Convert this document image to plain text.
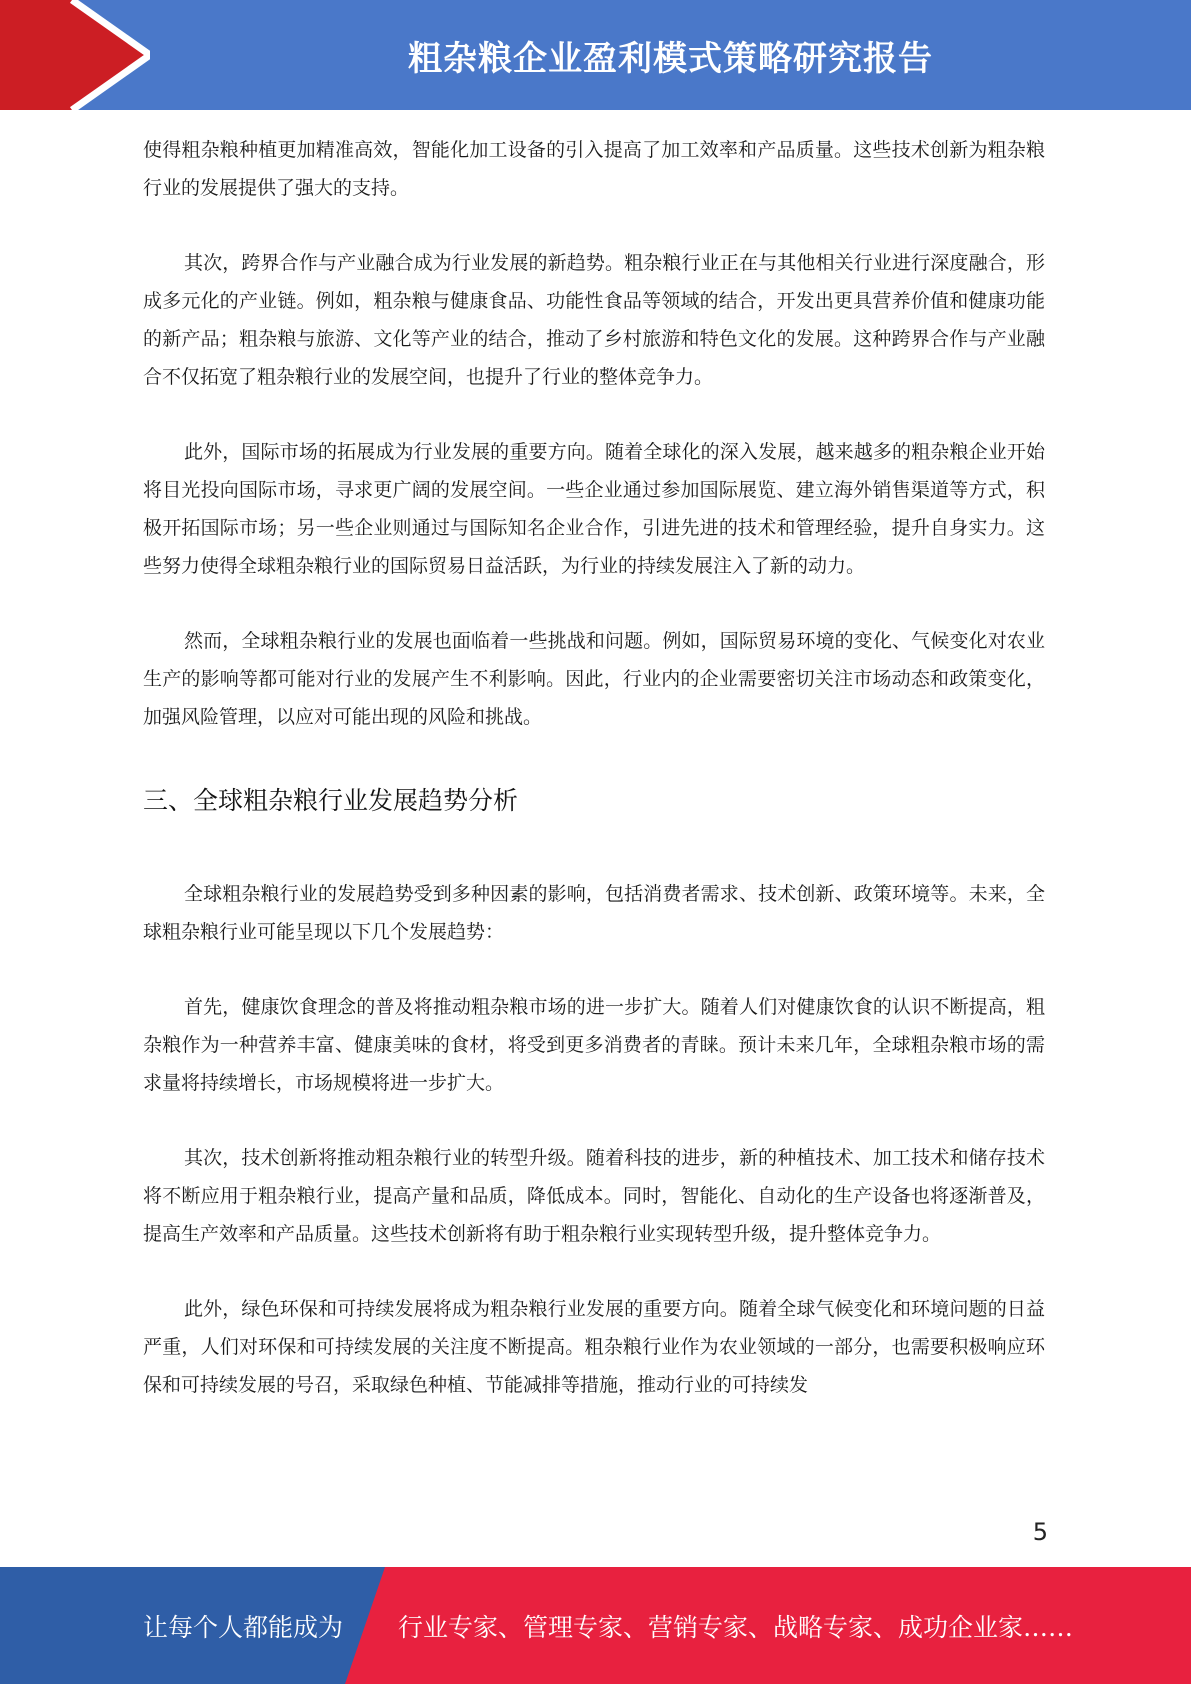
粗杂粮企业盈利模式策略研究报告

使得粗杂粮种植更加精准高效，智能化加工设备的引入提高了加工效率和产品质量。这些技术创新为粗杂粮行业的发展提供了强大的支持。

其次，跨界合作与产业融合成为行业发展的新趋势。粗杂粮行业正在与其他相关行业进行深度融合，形成多元化的产业链。例如，粗杂粮与健康食品、功能性食品等领域的结合，开发出更具营养价值和健康功能的新产品；粗杂粮与旅游、文化等产业的结合，推动了乡村旅游和特色文化的发展。这种跨界合作与产业融合不仅拓宽了粗杂粮行业的发展空间，也提升了行业的整体竞争力。

此外，国际市场的拓展成为行业发展的重要方向。随着全球化的深入发展，越来越多的粗杂粮企业开始将目光投向国际市场，寻求更广阔的发展空间。一些企业通过参加国际展览、建立海外销售渠道等方式，积极开拓国际市场；另一些企业则通过与国际知名企业合作，引进先进的技术和管理经验，提升自身实力。这些努力使得全球粗杂粮行业的国际贸易日益活跃，为行业的持续发展注入了新的动力。

然而，全球粗杂粮行业的发展也面临着一些挑战和问题。例如，国际贸易环境的变化、气候变化对农业生产的影响等都可能对行业的发展产生不利影响。因此，行业内的企业需要密切关注市场动态和政策变化，加强风险管理，以应对可能出现的风险和挑战。

三、全球粗杂粮行业发展趋势分析

全球粗杂粮行业的发展趋势受到多种因素的影响，包括消费者需求、技术创新、政策环境等。未来，全球粗杂粮行业可能呈现以下几个发展趋势：

首先，健康饮食理念的普及将推动粗杂粮市场的进一步扩大。随着人们对健康饮食的认识不断提高，粗杂粮作为一种营养丰富、健康美味的食材，将受到更多消费者的青睐。预计未来几年，全球粗杂粮市场的需求量将持续增长，市场规模将进一步扩大。

其次，技术创新将推动粗杂粮行业的转型升级。随着科技的进步，新的种植技术、加工技术和储存技术将不断应用于粗杂粮行业，提高产量和品质，降低成本。同时，智能化、自动化的生产设备也将逐渐普及，提高生产效率和产品质量。这些技术创新将有助于粗杂粮行业实现转型升级，提升整体竞争力。

此外，绿色环保和可持续发展将成为粗杂粮行业发展的重要方向。随着全球气候变化和环境问题的日益严重，人们对环保和可持续发展的关注度不断提高。粗杂粮行业作为农业领域的一部分，也需要积极响应环保和可持续发展的号召，采取绿色种植、节能减排等措施，推动行业的可持续发

5
让每个人都能成为 行业专家、管理专家、营销专家、战略专家、成功企业家……
